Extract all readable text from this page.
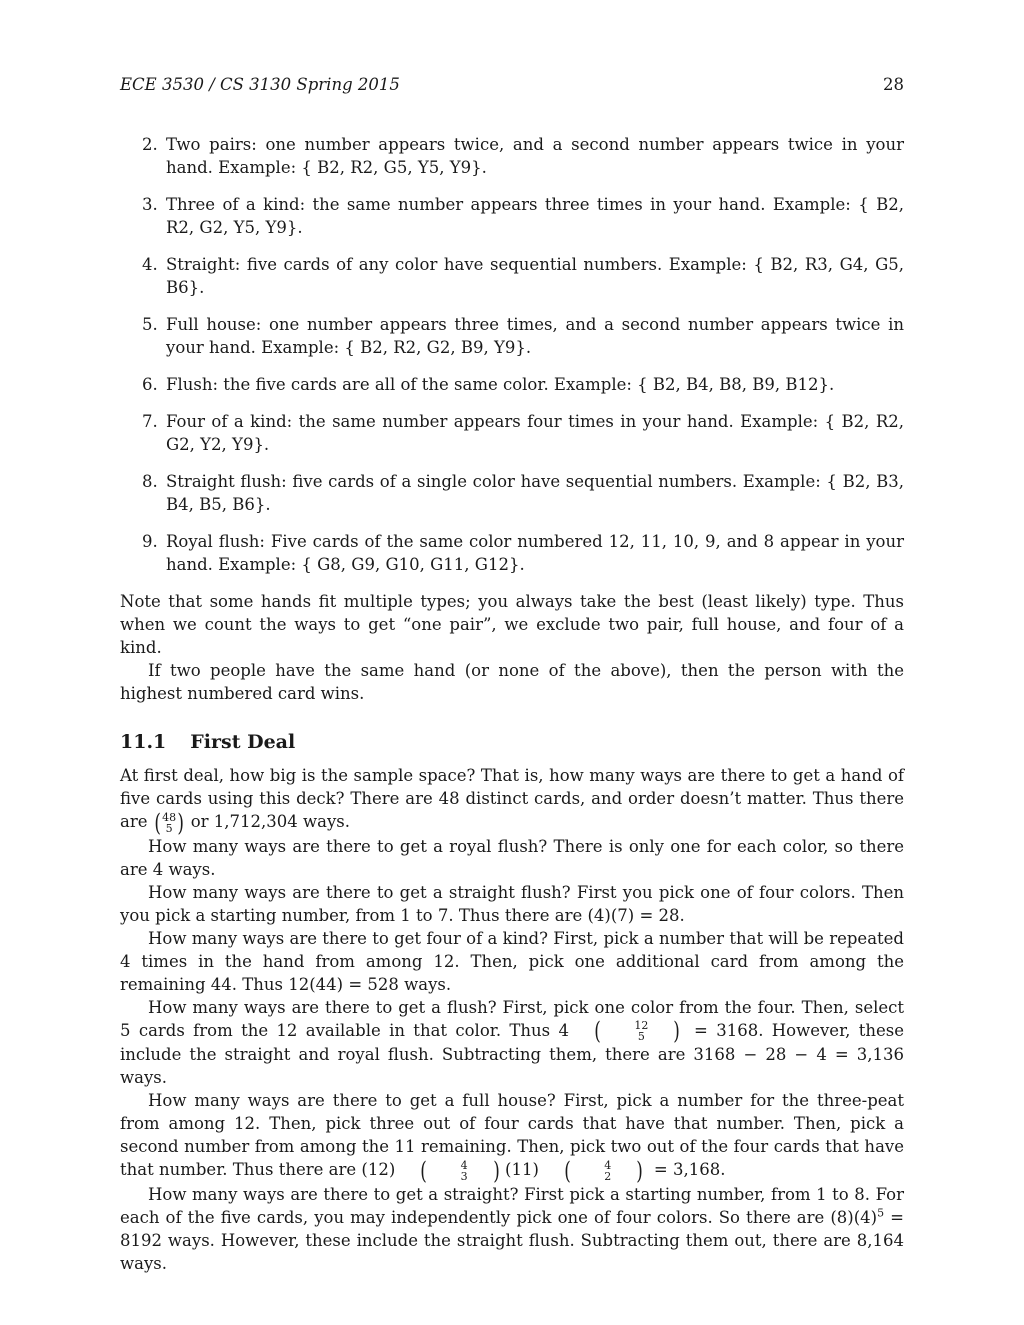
ECE 3530 / CS 3130 Spring 2015	28
2. Two pairs: one number appears twice, and a second number appears twice in your hand. Example: { B2, R2, G5, Y5, Y9}.
3. Three of a kind: the same number appears three times in your hand. Example: { B2, R2, G2, Y5, Y9}.
4. Straight: five cards of any color have sequential numbers. Example: { B2, R3, G4, G5, B6}.
5. Full house: one number appears three times, and a second number appears twice in your hand. Example: { B2, R2, G2, B9, Y9}.
6. Flush: the five cards are all of the same color. Example: { B2, B4, B8, B9, B12}.
7. Four of a kind: the same number appears four times in your hand. Example: { B2, R2, G2, Y2, Y9}.
8. Straight flush: five cards of a single color have sequential numbers. Example: { B2, B3, B4, B5, B6}.
9. Royal flush: Five cards of the same color numbered 12, 11, 10, 9, and 8 appear in your hand. Example: { G8, G9, G10, G11, G12}.

Note that some hands fit multiple types; you always take the best (least likely) type. Thus when we count the ways to get “one pair”, we exclude two pair, full house, and four of a kind.

If two people have the same hand (or none of the above), then the person with the highest numbered card wins.

11.1 First Deal

At first deal, how big is the sample space? That is, how many ways are there to get a hand of five cards using this deck? There are 48 distinct cards, and order doesn’t matter. Thus there are ( 48
5 ) or 1,712,304 ways.

How many ways are there to get a royal flush? There is only one for each color, so there are 4 ways.

How many ways are there to get a straight flush? First you pick one of four colors. Then you pick a starting number, from 1 to 7. Thus there are (4)(7) = 28.

How many ways are there to get four of a kind? First, pick a number that will be repeated 4 times in the hand from among 12. Then, pick one additional card from among the remaining 44. Thus 12(44) = 528 ways.

How many ways are there to get a flush? First, pick one color from the four. Then, select 5 cards from the 12 available in that color. Thus 4	(	12
5	) = 3168. However, these include the straight and royal flush. Subtracting them, there are 3168 − 28 − 4 = 3,136 ways.

How many ways are there to get a full house? First, pick a number for the three-peat from among 12. Then, pick three out of four cards that have that number. Then, pick a second number from among the 11 remaining. Then, pick two out of the four cards that have that number. Thus there are (12)	(	4
3	) (11)	(	4
2	) = 3,168.

How many ways are there to get a straight? First pick a starting number, from 1 to 8. For each of the five cards, you may independently pick one of four colors. So there are $(8)(4)^5 = 8192$ ways. However, these include the straight flush. Subtracting them out, there are 8,164 ways.
